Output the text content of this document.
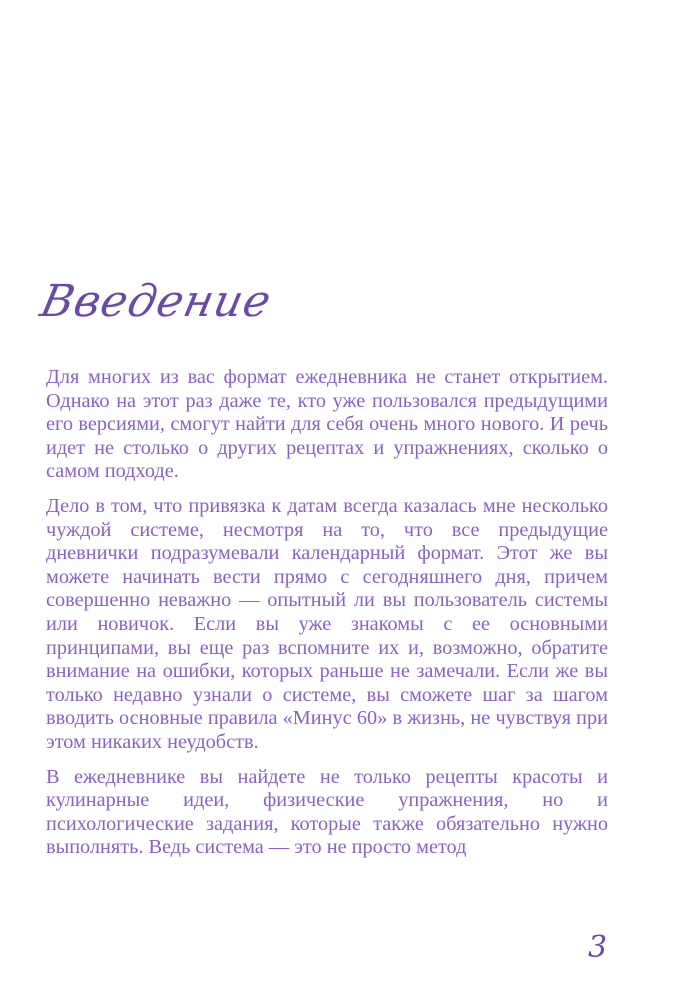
Введение

Для многих из вас формат ежедневника не станет открытием. Однако на этот раз даже те, кто уже пользовался предыдущими его версиями, смогут найти для себя очень много нового. И речь идет не столько о других рецептах и упражнениях, сколько о самом подходе.

Дело в том, что привязка к датам всегда казалась мне несколько чуждой системе, несмотря на то, что все предыдущие дневнички подразумевали календарный формат. Этот же вы можете начинать вести прямо с сегодняшнего дня, причем совершенно неважно — опытный ли вы пользователь системы или новичок. Если вы уже знакомы с ее основными принципами, вы еще раз вспомните их и, возможно, обратите внимание на ошибки, которых раньше не замечали. Если же вы только недавно узнали о системе, вы сможете шаг за шагом вводить основные правила «Минус 60» в жизнь, не чувствуя при этом никаких неудобств.

В ежедневнике вы найдете не только рецепты красоты и кулинарные идеи, физические упражнения, но и психологические задания, которые также обязательно нужно выполнять. Ведь система — это не просто метод

3
